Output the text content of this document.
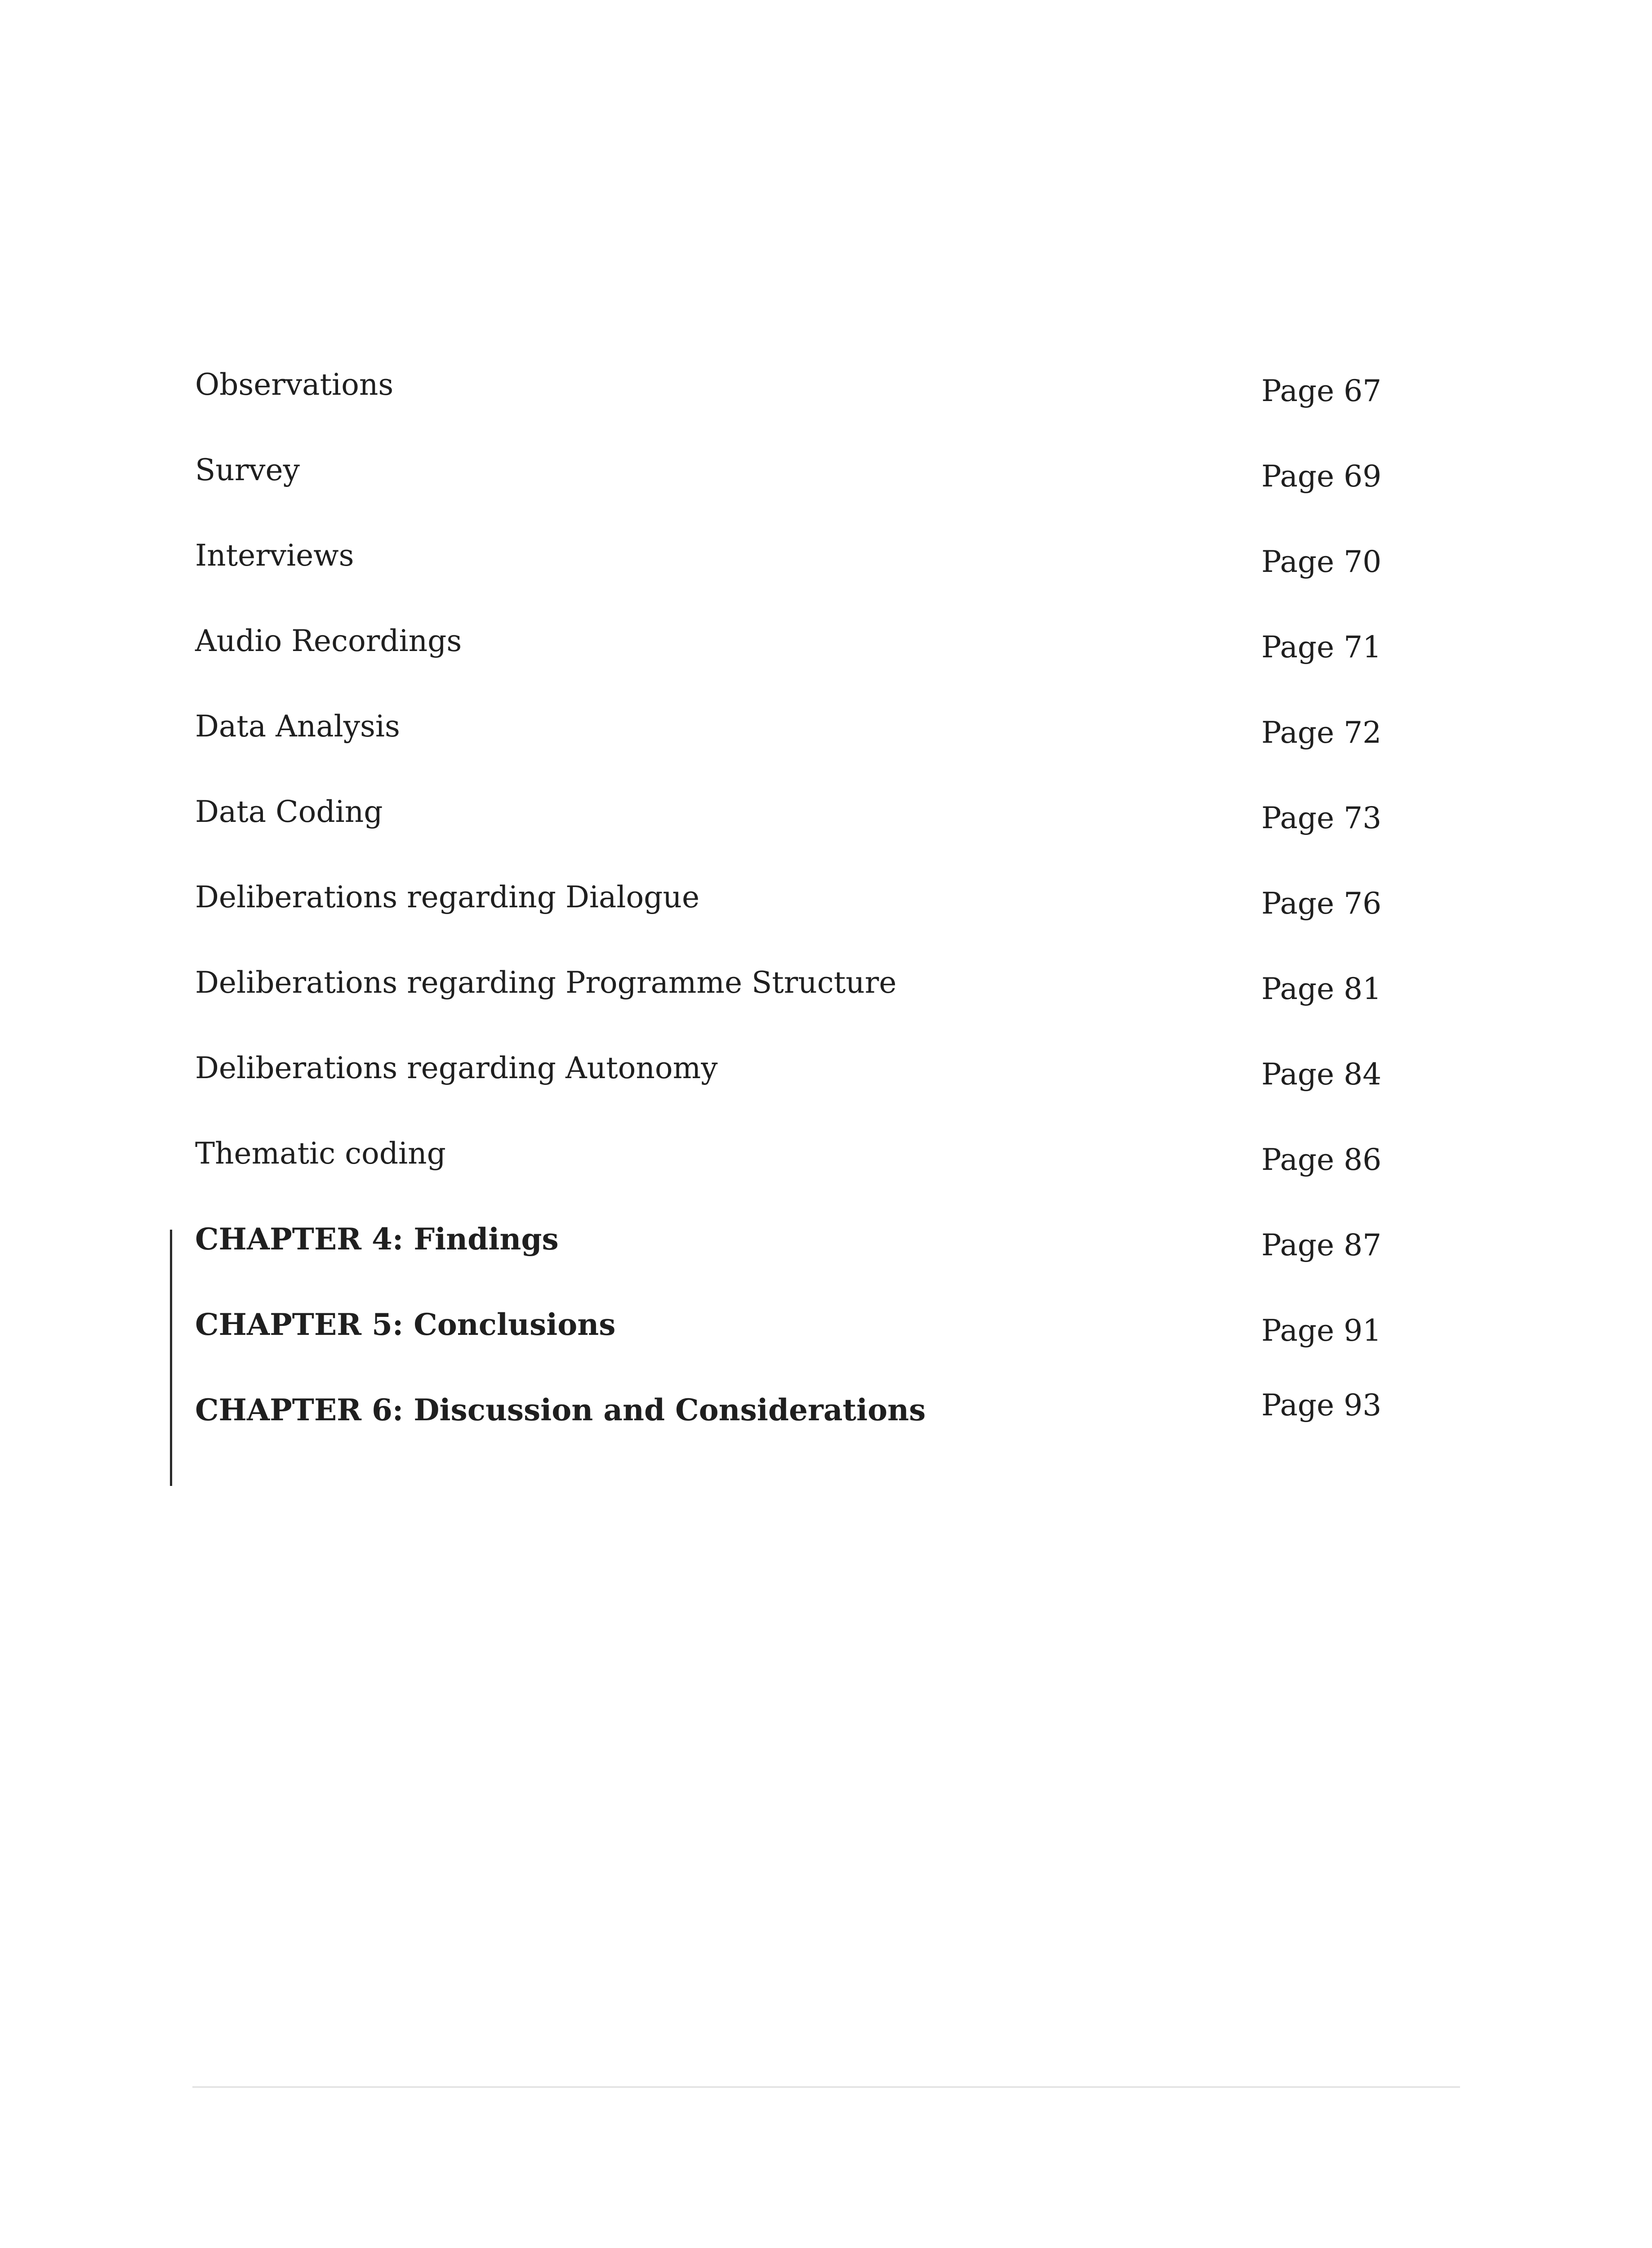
Observations	Page 67
Survey	Page 69
Interviews	Page 70
Audio Recordings	Page 71
Data Analysis	Page 72
Data Coding	Page 73
Deliberations regarding Dialogue	Page 76
Deliberations regarding Programme Structure	Page 81
Deliberations regarding Autonomy	Page 84
Thematic coding	Page 86
CHAPTER 4: Findings	Page 87
CHAPTER 5: Conclusions	Page 91
CHAPTER 6: Discussion and Considerations	Page 93
